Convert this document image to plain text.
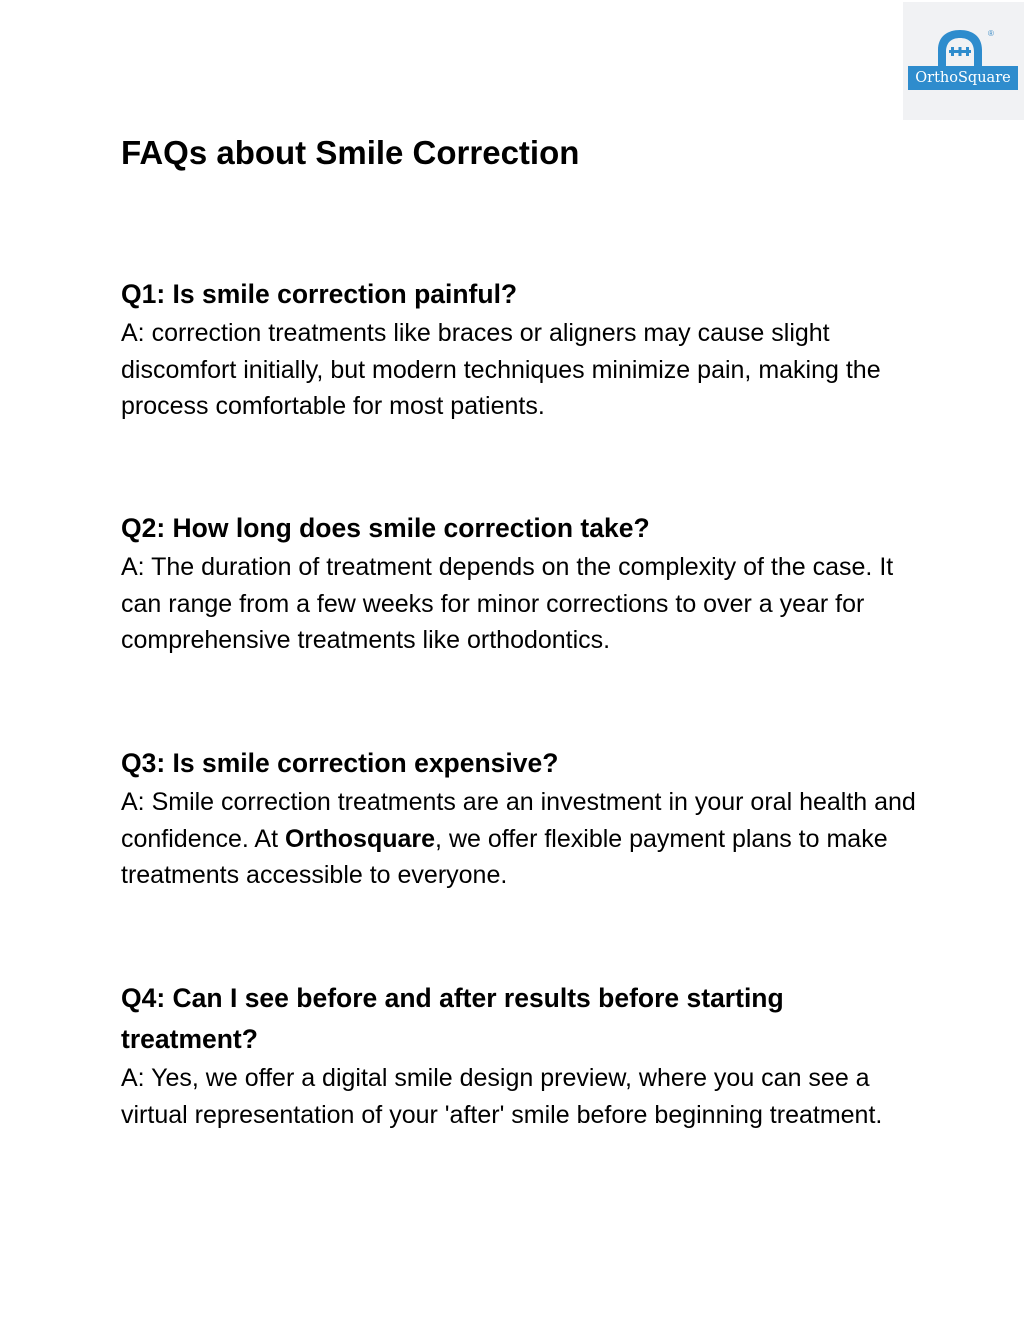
®
OrthoSquare
FAQs about Smile Correction

Q1: Is smile correction painful?

A: correction treatments like braces or aligners may cause slight discomfort initially, but modern techniques minimize pain, making the process comfortable for most patients.

Q2: How long does smile correction take?

A: The duration of treatment depends on the complexity of the case. It can range from a few weeks for minor corrections to over a year for comprehensive treatments like orthodontics.

Q3: Is smile correction expensive?

A: Smile correction treatments are an investment in your oral health and confidence. At Orthosquare, we offer flexible payment plans to make treatments accessible to everyone.

Q4: Can I see before and after results before starting treatment?

A: Yes, we offer a digital smile design preview, where you can see a virtual representation of your 'after' smile before beginning treatment.
